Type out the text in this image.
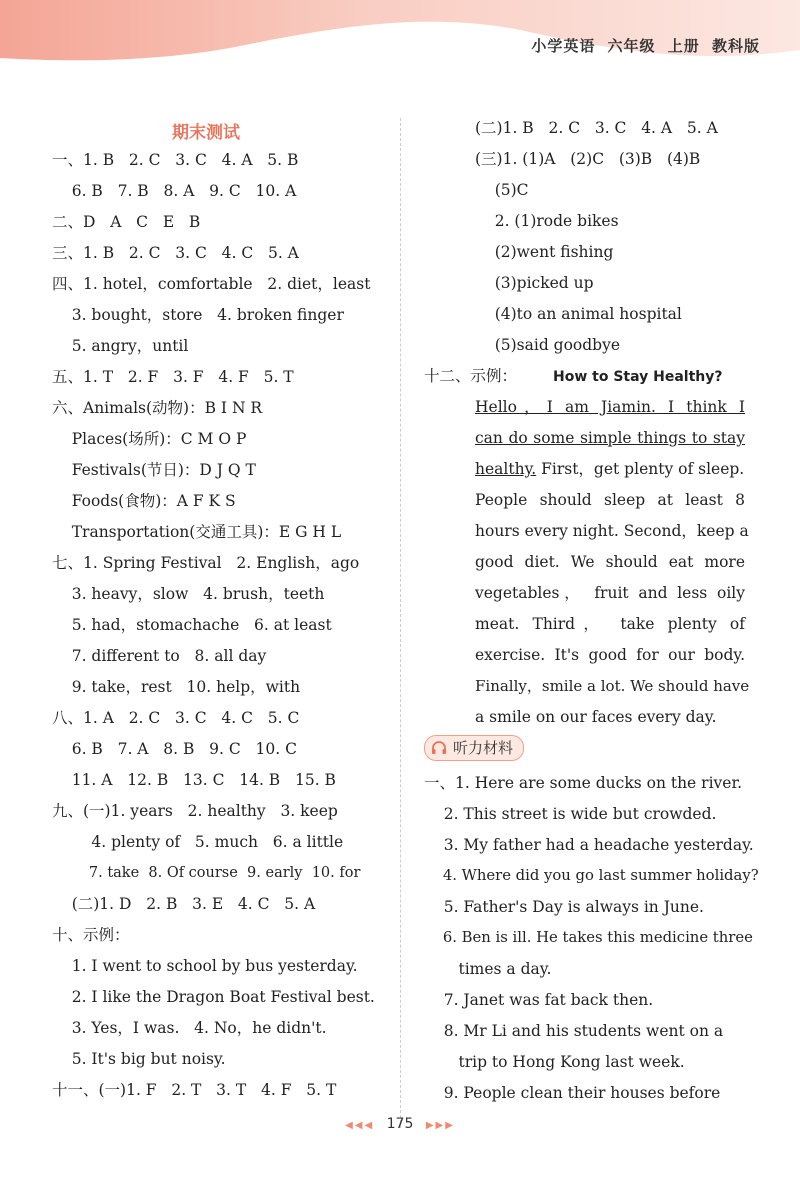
小学英语 六年级 上册 教科版
期末测试
一、1. B   2. C   3. C   4. A   5. B
6. B   7. B   8. A   9. C   10. A
二、D   A   C   E   B
三、1. B   2. C   3. C   4. C   5. A
四、1. hotel，comfortable   2. diet，least
3. bought，store   4. broken finger
5. angry，until
五、1. T   2. F   3. F   4. F   5. T
六、Animals(动物)：B I N R
Places(场所)：C M O P
Festivals(节日)：D J Q T
Foods(食物)：A F K S
Transportation(交通工具)：E G H L
七、1. Spring Festival   2. English，ago
3. heavy，slow   4. brush，teeth
5. had，stomachache   6. at least
7. different to   8. all day
9. take，rest   10. help，with
八、1. A   2. C   3. C   4. C   5. C
6. B   7. A   8. B   9. C   10. C
11. A   12. B   13. C   14. B   15. B
九、(一)1. years   2. healthy   3. keep
4. plenty of   5. much   6. a little
7. take  8. Of course  9. early  10. for
(二)1. D   2. B   3. E   4. C   5. A
十、示例：
1. I went to school by bus yesterday.
2. I like the Dragon Boat Festival best.
3. Yes，I was.   4. No，he didn't.
5. It's big but noisy.
十一、(一)1. F   2. T   3. T   4. F   5. T
(二)1. B   2. C   3. C   4. A   5. A
(三)1. (1)A   (2)C   (3)B   (4)B
(5)C
2. (1)rode bikes
(2)went fishing
(3)picked up
(4)to an animal hospital
(5)said goodbye
十二、示例：	How to Stay Healthy?
Hello，I am Jiamin. I think I
can do some simple things to stay
healthy. First，get plenty of sleep.
People should sleep at least 8
hours every night. Second，keep a
good diet. We should eat more
vegetables， fruit and less oily
meat. Third， take plenty of
exercise. It's good for our body.
Finally，smile a lot. We should have
a smile on our faces every day.
听力材料
一、1. Here are some ducks on the river.
2. This street is wide but crowded.
3. My father had a headache yesterday.
4. Where did you go last summer holiday?
5. Father's Day is always in June.
6. Ben is ill. He takes this medicine three
times a day.
7. Janet was fat back then.
8. Mr Li and his students went on a
trip to Hong Kong last week.
9. People clean their houses before
◀◀◀ 175 ▶▶▶
